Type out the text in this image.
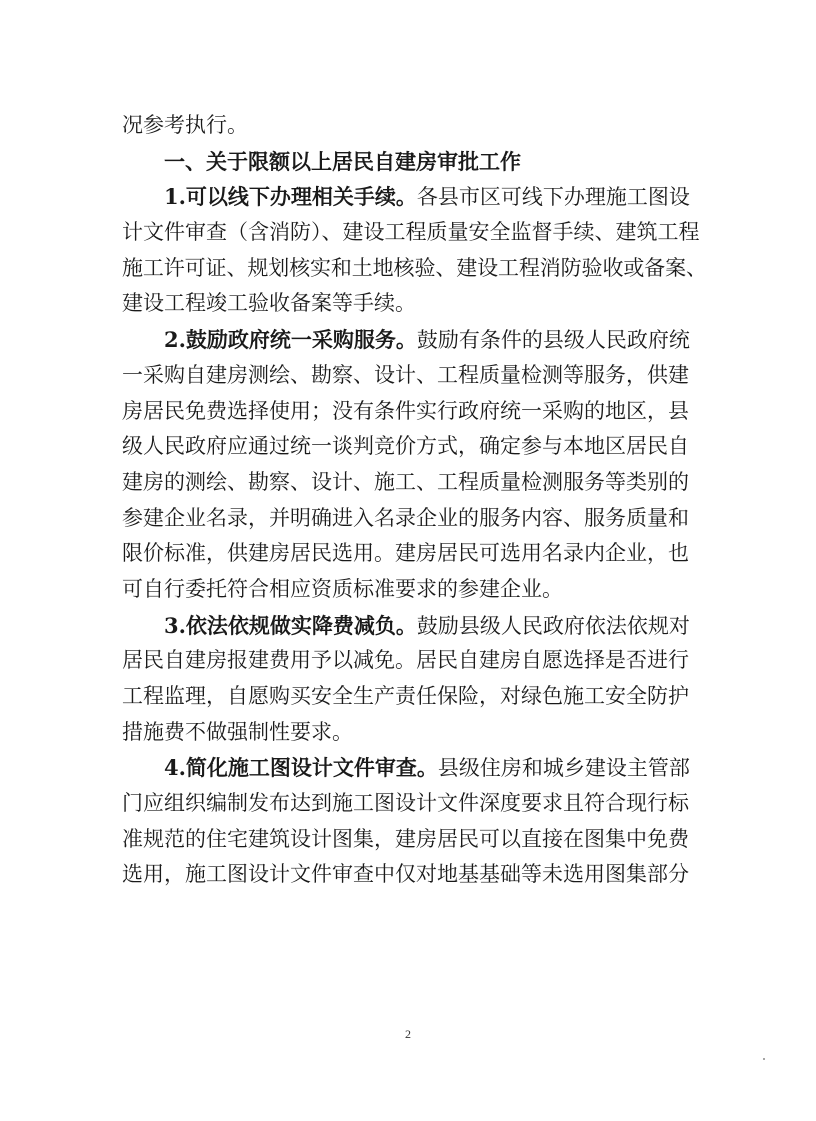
况参考执行。
一、关于限额以上居民自建房审批工作
1.可以线下办理相关手续。各县市区可线下办理施工图设
计文件审查（含消防）、建设工程质量安全监督手续、建筑工程
施工许可证、规划核实和土地核验、建设工程消防验收或备案、
建设工程竣工验收备案等手续。
2.鼓励政府统一采购服务。鼓励有条件的县级人民政府统
一采购自建房测绘、勘察、设计、工程质量检测等服务，供建
房居民免费选择使用；没有条件实行政府统一采购的地区，县
级人民政府应通过统一谈判竞价方式，确定参与本地区居民自
建房的测绘、勘察、设计、施工、工程质量检测服务等类别的
参建企业名录，并明确进入名录企业的服务内容、服务质量和
限价标准，供建房居民选用。建房居民可选用名录内企业，也
可自行委托符合相应资质标准要求的参建企业。
3.依法依规做实降费减负。鼓励县级人民政府依法依规对
居民自建房报建费用予以减免。居民自建房自愿选择是否进行
工程监理，自愿购买安全生产责任保险，对绿色施工安全防护
措施费不做强制性要求。
4.简化施工图设计文件审查。县级住房和城乡建设主管部
门应组织编制发布达到施工图设计文件深度要求且符合现行标
准规范的住宅建筑设计图集，建房居民可以直接在图集中免费
选用，施工图设计文件审查中仅对地基基础等未选用图集部分
2
